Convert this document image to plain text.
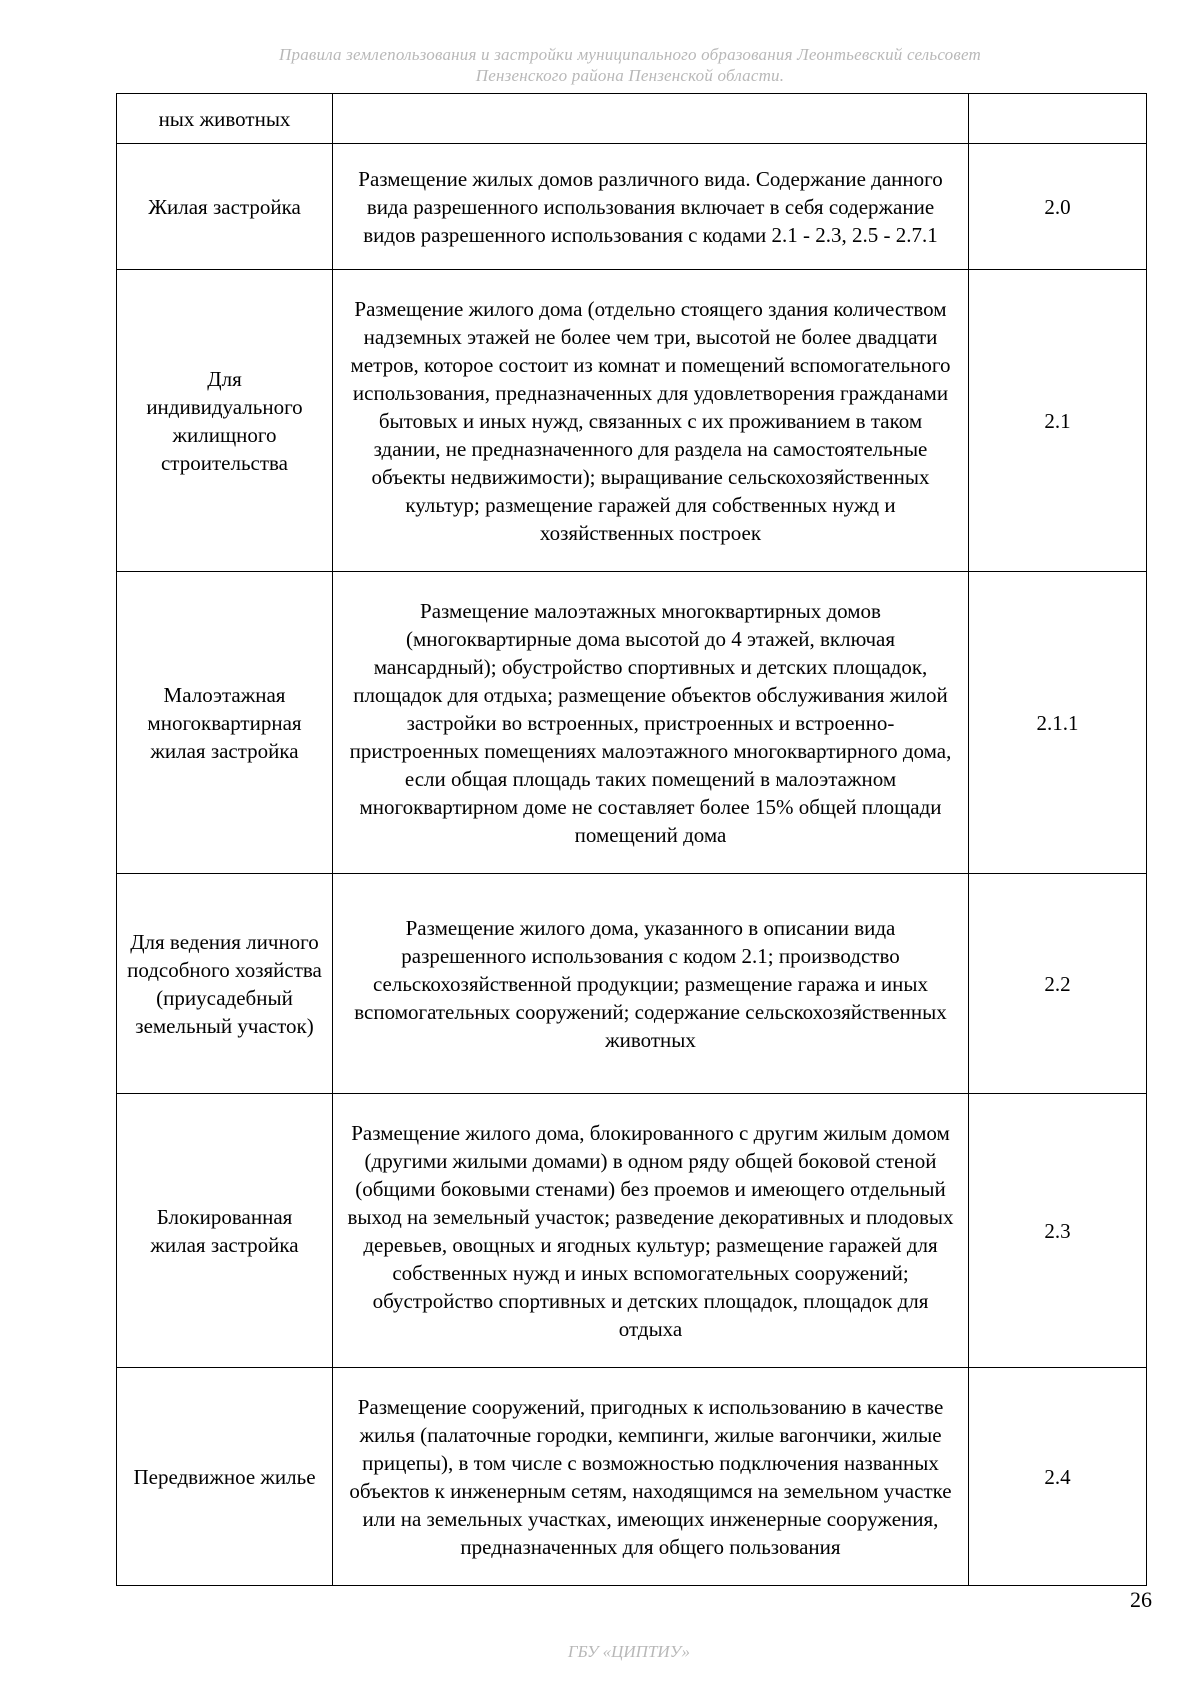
Правила землепользования и застройки муниципального образования Леонтьевский сельсовет
Пензенского района Пензенской области.
ных животных		
Жилая застройка	Размещение жилых домов различного вида. Содержание данного вида разрешенного использования включает в себя содержание видов разрешенного использования с кодами 2.1 - 2.3, 2.5 - 2.7.1	2.0
Для индивидуального жилищного строительства	Размещение жилого дома (отдельно стоящего здания количеством надземных этажей не более чем три, высотой не более двадцати метров, которое состоит из комнат и помещений вспомогательного использования, предназначенных для удовлетворения гражданами бытовых и иных нужд, связанных с их проживанием в таком здании, не предназначенного для раздела на самостоятельные объекты недвижимости); выращивание сельскохозяйственных культур; размещение гаражей для собственных нужд и хозяйственных построек	2.1
Малоэтажная многоквартирная жилая застройка	Размещение малоэтажных многоквартирных домов (многоквартирные дома высотой до 4 этажей, включая мансардный); обустройство спортивных и детских площадок, площадок для отдыха; размещение объектов обслуживания жилой застройки во встроенных, пристроенных и встроенно-пристроенных помещениях малоэтажного многоквартирного дома, если общая площадь таких помещений в малоэтажном многоквартирном доме не составляет более 15% общей площади помещений дома	2.1.1
Для ведения личного подсобного хозяйства (приусадебный земельный участок)	Размещение жилого дома, указанного в описании вида разрешенного использования с кодом 2.1; производство сельскохозяйственной продукции; размещение гаража и иных вспомогательных сооружений; содержание сельскохозяйственных животных	2.2
Блокированная жилая застройка	Размещение жилого дома, блокированного с другим жилым домом (другими жилыми домами) в одном ряду общей боковой стеной (общими боковыми стенами) без проемов и имеющего отдельный выход на земельный участок; разведение декоративных и плодовых деревьев, овощных и ягодных культур; размещение гаражей для собственных нужд и иных вспомогательных сооружений; обустройство спортивных и детских площадок, площадок для отдыха	2.3
Передвижное жилье	Размещение сооружений, пригодных к использованию в качестве жилья (палаточные городки, кемпинги, жилые вагончики, жилые прицепы), в том числе с возможностью подключения названных объектов к инженерным сетям, находящимся на земельном участке или на земельных участках, имеющих инженерные сооружения, предназначенных для общего пользования	2.4
26
ГБУ «ЦИПТИУ»
